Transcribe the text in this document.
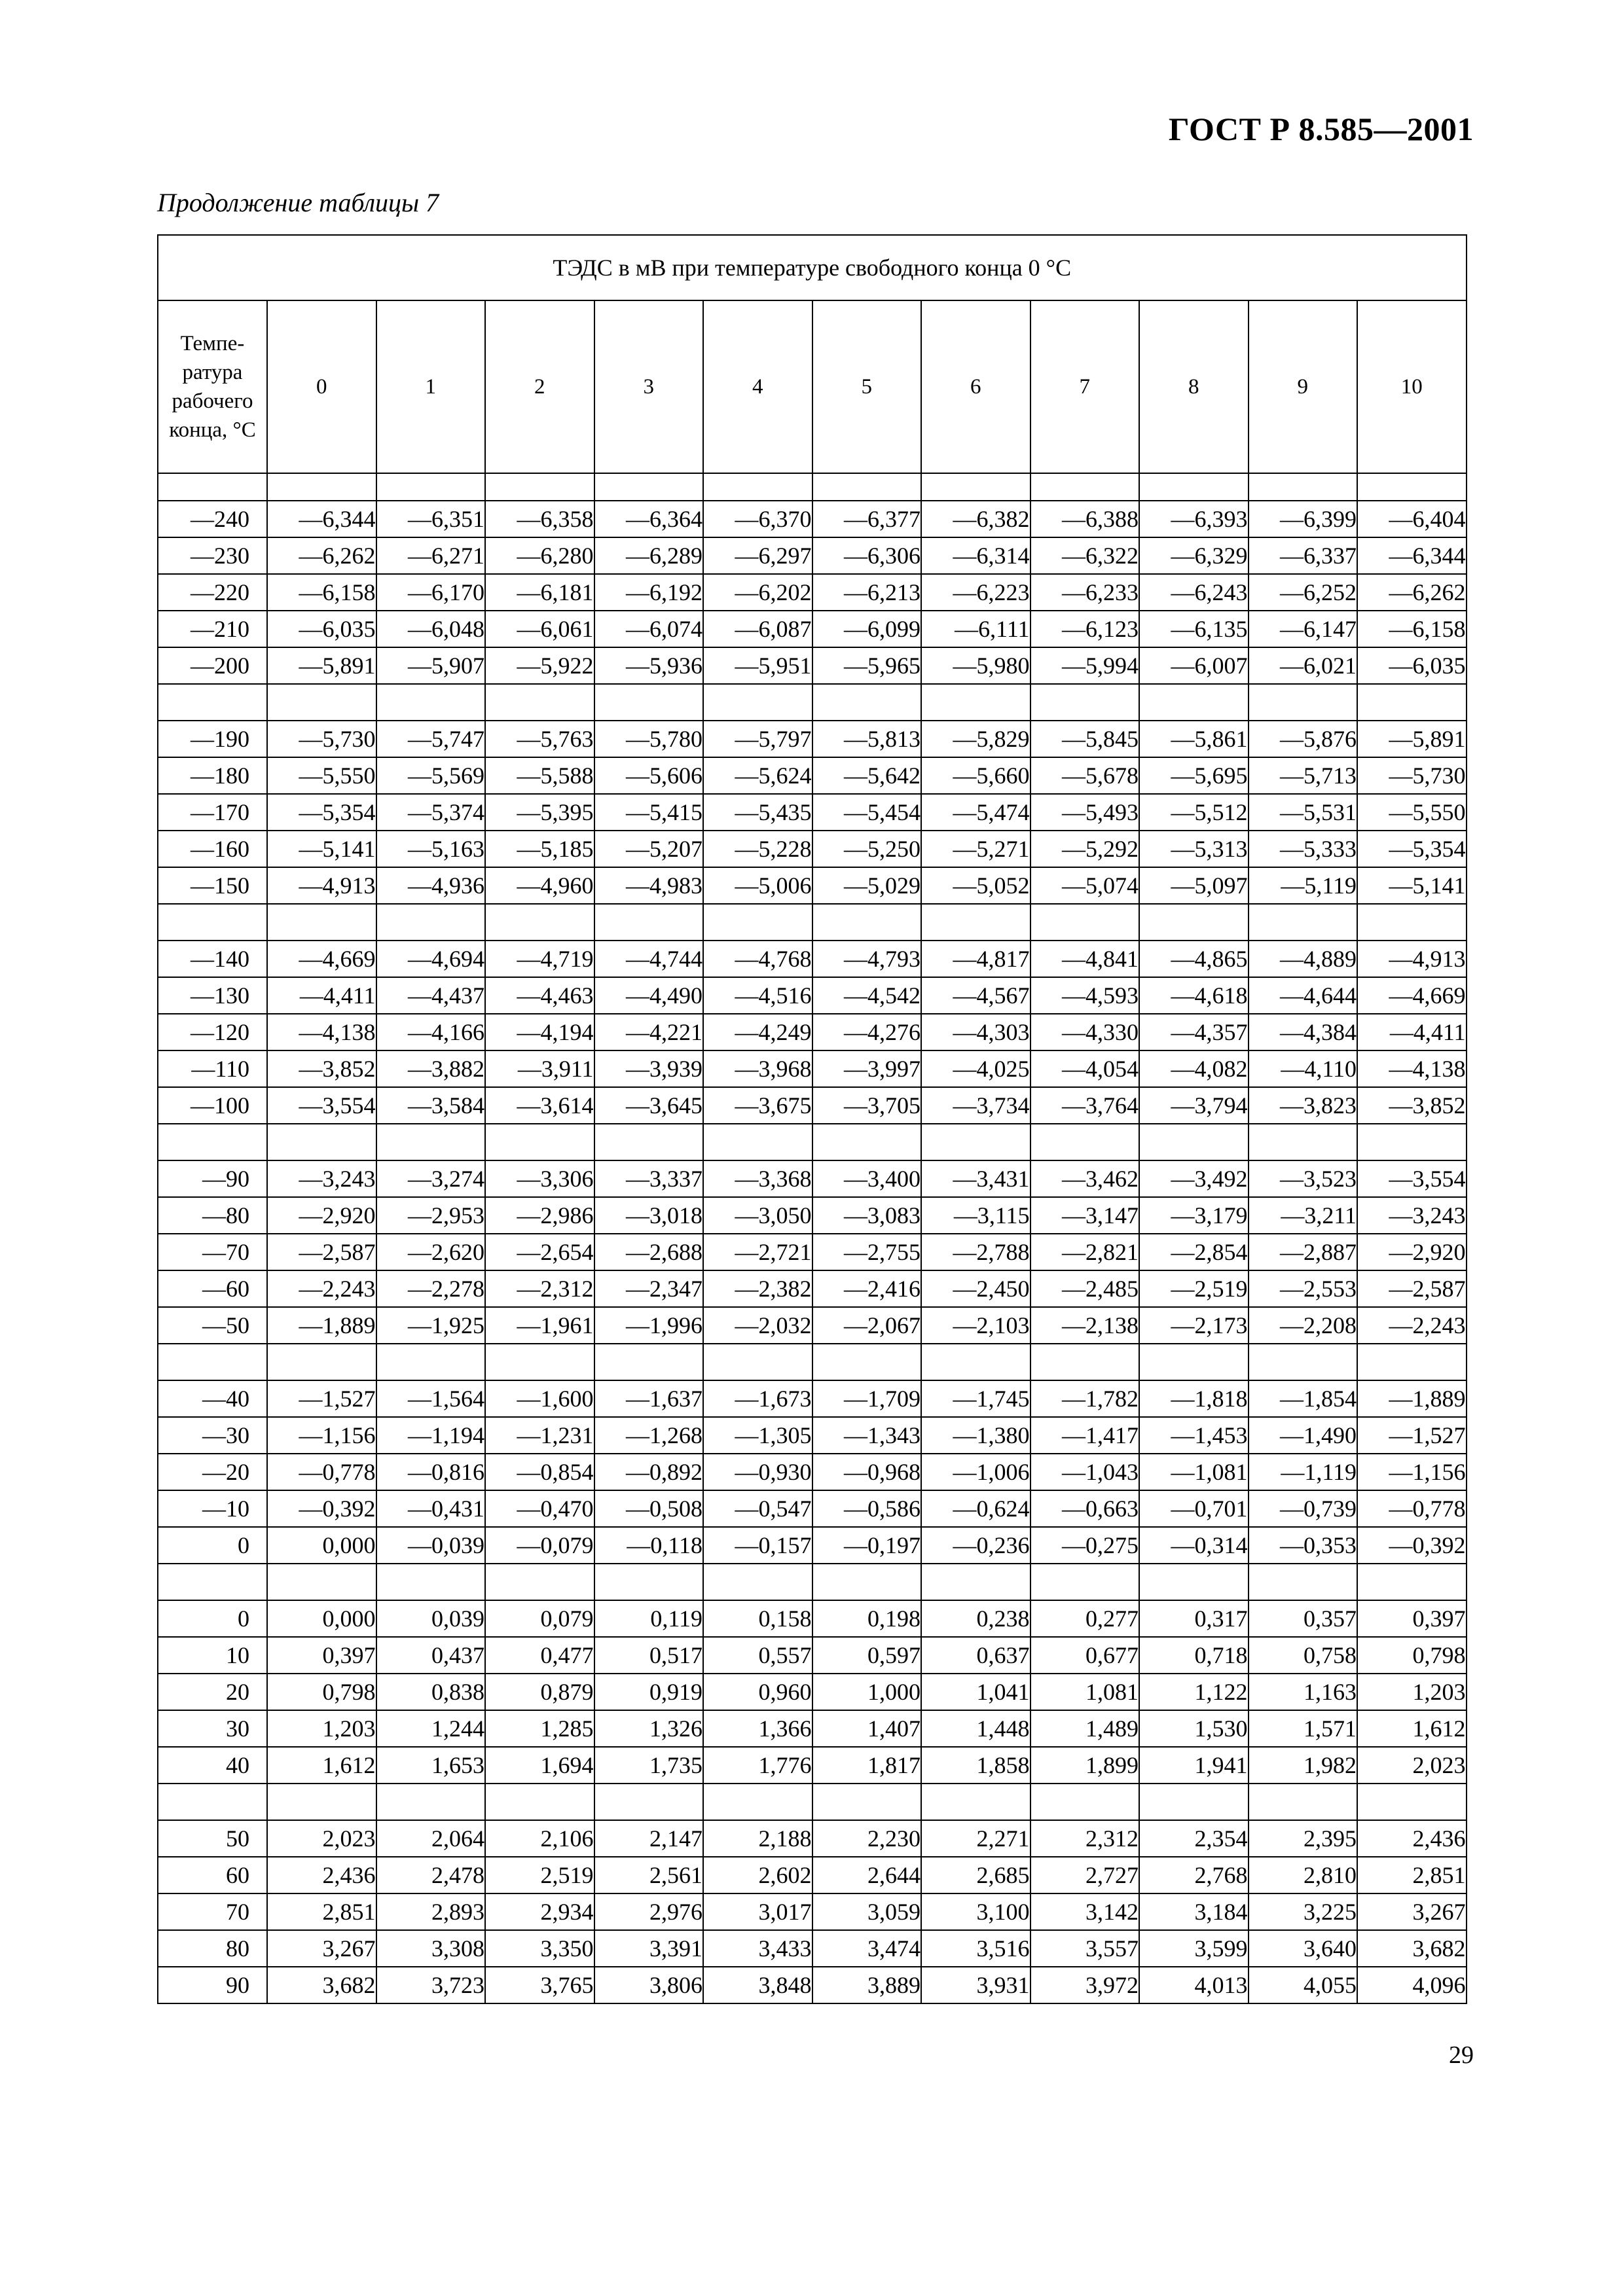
ГОСТ Р 8.585—2001
Продолжение таблицы 7
ТЭДС в мВ при температуре свободного конца 0 °С											
Темпе-ратура рабочего конца, °С	0	1	2	3	4	5	6	7	8	9	10

—240	—6,344	—6,351	—6,358	—6,364	—6,370	—6,377	—6,382	—6,388	—6,393	—6,399	—6,404
—230	—6,262	—6,271	—6,280	—6,289	—6,297	—6,306	—6,314	—6,322	—6,329	—6,337	—6,344
—220	—6,158	—6,170	—6,181	—6,192	—6,202	—6,213	—6,223	—6,233	—6,243	—6,252	—6,262
—210	—6,035	—6,048	—6,061	—6,074	—6,087	—6,099	—6,111	—6,123	—6,135	—6,147	—6,158
—200	—5,891	—5,907	—5,922	—5,936	—5,951	—5,965	—5,980	—5,994	—6,007	—6,021	—6,035

—190	—5,730	—5,747	—5,763	—5,780	—5,797	—5,813	—5,829	—5,845	—5,861	—5,876	—5,891
—180	—5,550	—5,569	—5,588	—5,606	—5,624	—5,642	—5,660	—5,678	—5,695	—5,713	—5,730
—170	—5,354	—5,374	—5,395	—5,415	—5,435	—5,454	—5,474	—5,493	—5,512	—5,531	—5,550
—160	—5,141	—5,163	—5,185	—5,207	—5,228	—5,250	—5,271	—5,292	—5,313	—5,333	—5,354
—150	—4,913	—4,936	—4,960	—4,983	—5,006	—5,029	—5,052	—5,074	—5,097	—5,119	—5,141

—140	—4,669	—4,694	—4,719	—4,744	—4,768	—4,793	—4,817	—4,841	—4,865	—4,889	—4,913
—130	—4,411	—4,437	—4,463	—4,490	—4,516	—4,542	—4,567	—4,593	—4,618	—4,644	—4,669
—120	—4,138	—4,166	—4,194	—4,221	—4,249	—4,276	—4,303	—4,330	—4,357	—4,384	—4,411
—110	—3,852	—3,882	—3,911	—3,939	—3,968	—3,997	—4,025	—4,054	—4,082	—4,110	—4,138
—100	—3,554	—3,584	—3,614	—3,645	—3,675	—3,705	—3,734	—3,764	—3,794	—3,823	—3,852

—90	—3,243	—3,274	—3,306	—3,337	—3,368	—3,400	—3,431	—3,462	—3,492	—3,523	—3,554
—80	—2,920	—2,953	—2,986	—3,018	—3,050	—3,083	—3,115	—3,147	—3,179	—3,211	—3,243
—70	—2,587	—2,620	—2,654	—2,688	—2,721	—2,755	—2,788	—2,821	—2,854	—2,887	—2,920
—60	—2,243	—2,278	—2,312	—2,347	—2,382	—2,416	—2,450	—2,485	—2,519	—2,553	—2,587
—50	—1,889	—1,925	—1,961	—1,996	—2,032	—2,067	—2,103	—2,138	—2,173	—2,208	—2,243

—40	—1,527	—1,564	—1,600	—1,637	—1,673	—1,709	—1,745	—1,782	—1,818	—1,854	—1,889
—30	—1,156	—1,194	—1,231	—1,268	—1,305	—1,343	—1,380	—1,417	—1,453	—1,490	—1,527
—20	—0,778	—0,816	—0,854	—0,892	—0,930	—0,968	—1,006	—1,043	—1,081	—1,119	—1,156
—10	—0,392	—0,431	—0,470	—0,508	—0,547	—0,586	—0,624	—0,663	—0,701	—0,739	—0,778
0	0,000	—0,039	—0,079	—0,118	—0,157	—0,197	—0,236	—0,275	—0,314	—0,353	—0,392

0	0,000	0,039	0,079	0,119	0,158	0,198	0,238	0,277	0,317	0,357	0,397
10	0,397	0,437	0,477	0,517	0,557	0,597	0,637	0,677	0,718	0,758	0,798
20	0,798	0,838	0,879	0,919	0,960	1,000	1,041	1,081	1,122	1,163	1,203
30	1,203	1,244	1,285	1,326	1,366	1,407	1,448	1,489	1,530	1,571	1,612
40	1,612	1,653	1,694	1,735	1,776	1,817	1,858	1,899	1,941	1,982	2,023

50	2,023	2,064	2,106	2,147	2,188	2,230	2,271	2,312	2,354	2,395	2,436
60	2,436	2,478	2,519	2,561	2,602	2,644	2,685	2,727	2,768	2,810	2,851
70	2,851	2,893	2,934	2,976	3,017	3,059	3,100	3,142	3,184	3,225	3,267
80	3,267	3,308	3,350	3,391	3,433	3,474	3,516	3,557	3,599	3,640	3,682
90	3,682	3,723	3,765	3,806	3,848	3,889	3,931	3,972	4,013	4,055	4,096
29
